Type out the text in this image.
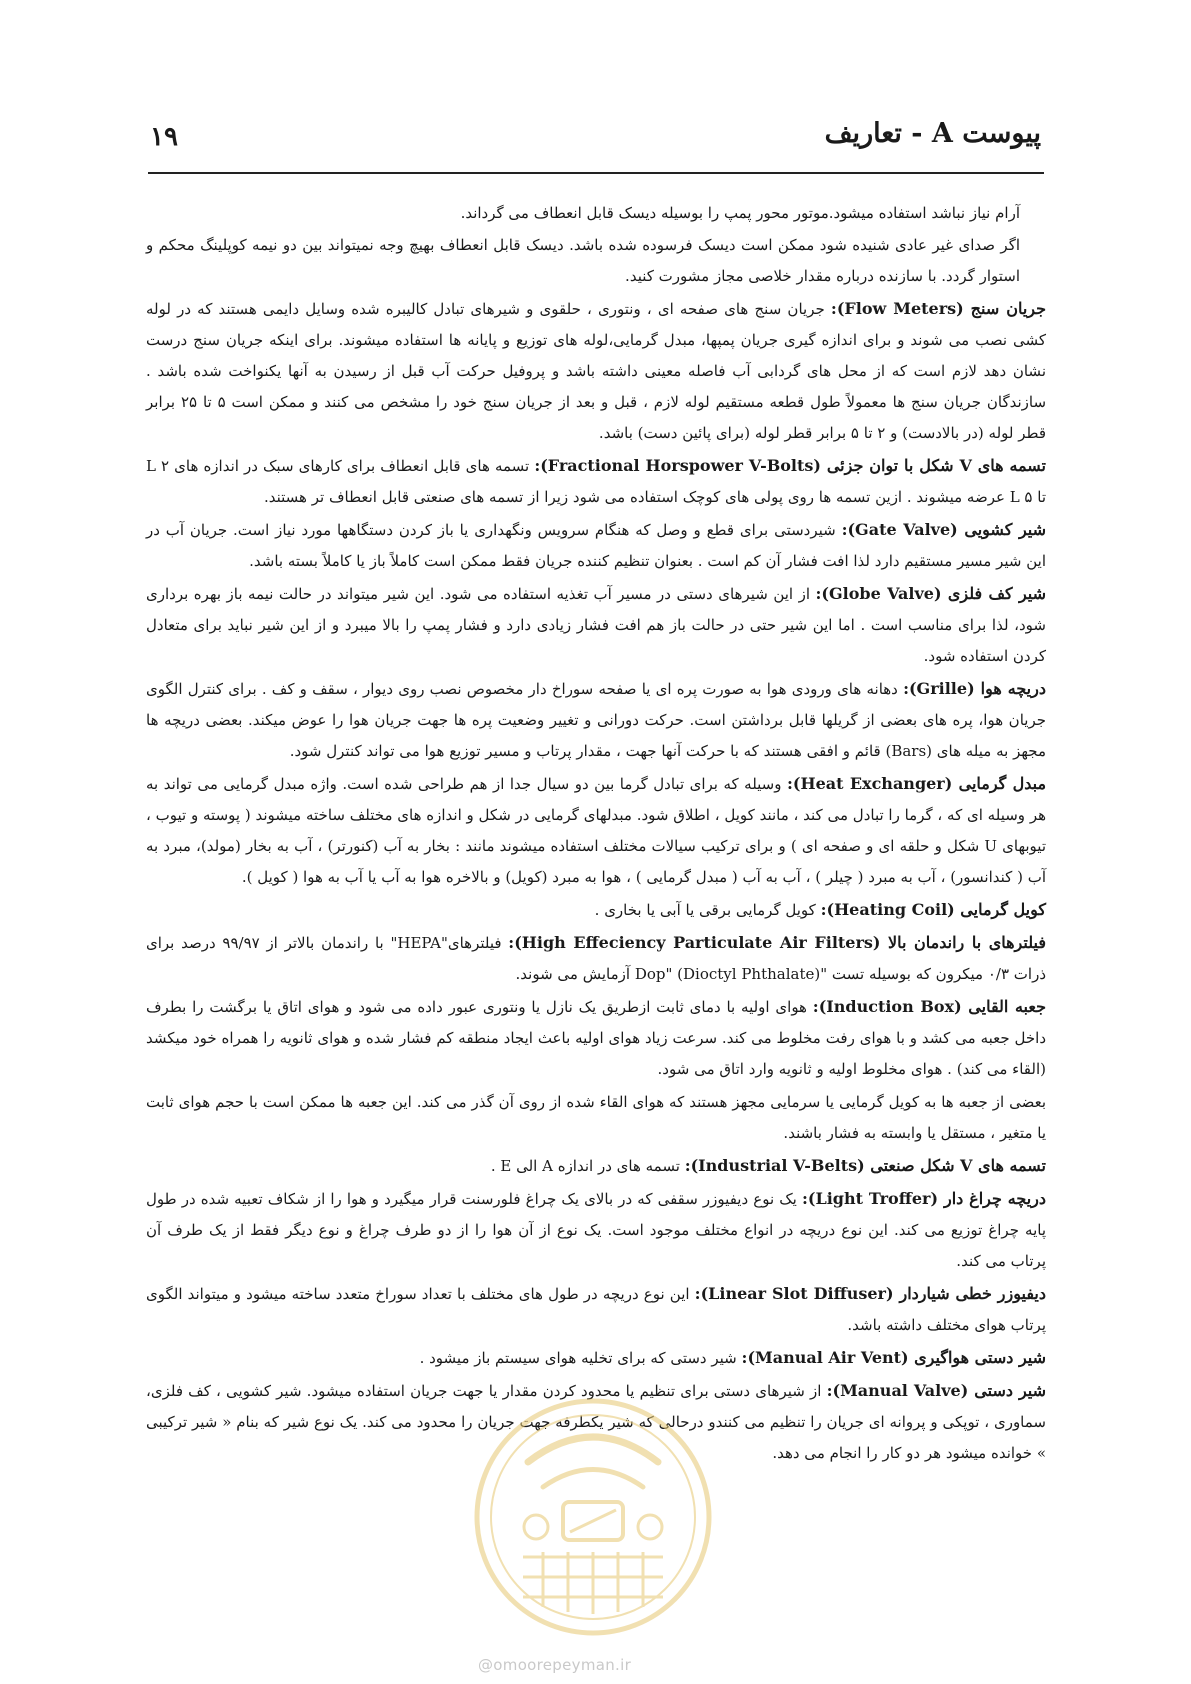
۱۹	پیوست A - تعاریف

آرام نیاز نباشد استفاده میشود.موتور محور پمپ را بوسیله دیسک قابل انعطاف می گرداند.

اگر صدای غیر عادی شنیده شود ممکن است دیسک فرسوده شده باشد. دیسک قابل انعطاف بهیچ وجه نمیتواند بین دو نیمه کوپلینگ محکم و استوار گردد. با سازنده درباره مقدار خلاصی مجاز مشورت کنید.

جریان سنج (Flow Meters): جریان سنج های صفحه ای ، ونتوری ، حلقوی و شیرهای تبادل کالیبره شده وسایل دایمی هستند که در لوله کشی نصب می شوند و برای اندازه گیری جریان پمپها، مبدل گرمایی،لوله های توزیع و پایانه ها استفاده میشوند. برای اینکه جریان سنج درست نشان دهد لازم است که از محل های گردابی آب فاصله معینی داشته باشد و پروفیل حرکت آب قبل از رسیدن به آنها یکنواخت شده باشد . سازندگان جریان سنج ها معمولاً طول قطعه مستقیم لوله لازم ، قبل و بعد از جریان سنج خود را مشخص می کنند و ممکن است ۵ تا ۲۵ برابر قطر لوله (در بالادست) و ۲ تا ۵ برابر قطر لوله (برای پائین دست) باشد.

تسمه های V شکل با توان جزئی (Fractional Horspower V-Bolts): تسمه های قابل انعطاف برای کارهای سبک در اندازه های L ۲ تا L ۵ عرضه میشوند . ازین تسمه ها روی پولی های کوچک استفاده می شود زیرا از تسمه های صنعتی قابل انعطاف تر هستند.

شیر کشویی (Gate Valve): شیردستی برای قطع و وصل که هنگام سرویس ونگهداری یا باز کردن دستگاهها مورد نیاز است. جریان آب در این شیر مسیر مستقیم دارد لذا افت فشار آن کم است . بعنوان تنظیم کننده جریان فقط ممکن است کاملاً باز یا کاملاً بسته باشد.

شیر کف فلزی (Globe Valve): از این شیرهای دستی در مسیر آب تغذیه استفاده می شود. این شیر میتواند در حالت نیمه باز بهره برداری شود، لذا برای مناسب است . اما این شیر حتی در حالت باز هم افت فشار زیادی دارد و فشار پمپ را بالا میبرد و از این شیر نباید برای متعادل کردن استفاده شود.

دریچه هوا (Grille): دهانه های ورودی هوا به صورت پره ای یا صفحه سوراخ دار مخصوص نصب روی دیوار ، سقف و کف . برای کنترل الگوی جریان هوا، پره های بعضی از گریلها قابل برداشتن است. حرکت دورانی و تغییر وضعیت پره ها جهت جریان هوا را عوض میکند. بعضی دریچه ها مجهز به میله های (Bars) قائم و افقی هستند که با حرکت آنها جهت ، مقدار پرتاب و مسیر توزیع هوا می تواند کنترل شود.

مبدل گرمایی (Heat Exchanger): وسیله که برای تبادل گرما بین دو سیال جدا از هم طراحی شده است. واژه مبدل گرمایی می تواند به هر وسیله ای که ، گرما را تبادل می کند ، مانند کویل ، اطلاق شود. مبدلهای گرمایی در شکل و اندازه های مختلف ساخته میشوند ( پوسته و تیوب ، تیوبهای U شکل و حلقه ای و صفحه ای ) و برای ترکیب سیالات مختلف استفاده میشوند مانند : بخار به آب (کنورتر) ، آب به بخار (مولد)، مبرد به آب ( کندانسور) ، آب به مبرد ( چیلر ) ، آب به آب ( مبدل گرمایی ) ، هوا به مبرد (کویل) و بالاخره هوا به آب یا آب به هوا ( کویل ).

کویل گرمایی (Heating Coil): کویل گرمایی برقی یا آبی یا بخاری .

فیلترهای با راندمان بالا (High Effeciency Particulate Air Filters): فیلترهای"HEPA" با راندمان بالاتر از ۹۹/۹۷ درصد برای ذرات ۰/۳ میکرون که بوسیله تست "Dop" (Dioctyl Phthalate) آزمایش می شوند.

جعبه القایی (Induction Box): هوای اولیه با دمای ثابت ازطریق یک نازل یا ونتوری عبور داده می شود و هوای اتاق یا برگشت را بطرف داخل جعبه می کشد و با هوای رفت مخلوط می کند. سرعت زیاد هوای اولیه باعث ایجاد منطقه کم فشار شده و هوای ثانویه را همراه خود میکشد (القاء می کند) . هوای مخلوط اولیه و ثانویه وارد اتاق می شود.

بعضی از جعبه ها به کویل گرمایی یا سرمایی مجهز هستند که هوای القاء شده از روی آن گذر می کند. این جعبه ها ممکن است با حجم هوای ثابت یا متغیر ، مستقل یا وابسته به فشار باشند.

تسمه های V شکل صنعتی (Industrial V-Belts): تسمه های در اندازه A الی E .

دریچه چراغ دار (Light Troffer): یک نوع دیفیوزر سقفی که در بالای یک چراغ فلورسنت قرار میگیرد و هوا را از شکاف تعبیه شده در طول پایه چراغ توزیع می کند. این نوع دریچه در انواع مختلف موجود است. یک نوع از آن هوا را از دو طرف چراغ و نوع دیگر فقط از یک طرف آن پرتاب می کند.

دیفیوزر خطی شیاردار (Linear Slot Diffuser): این نوع دریچه در طول های مختلف با تعداد سوراخ متعدد ساخته میشود و میتواند الگوی پرتاب هوای مختلف داشته باشد.

شیر دستی هواگیری (Manual Air Vent): شیر دستی که برای تخلیه هوای سیستم باز میشود .

شیر دستی (Manual Valve): از شیرهای دستی برای تنظیم یا محدود کردن مقدار یا جهت جریان استفاده میشود. شیر کشویی ، کف فلزی، سماوری ، توپکی و پروانه ای جریان را تنظیم می کنندو درحالی که شیر یکطرفه جهت جریان را محدود می کند. یک نوع شیر که بنام « شیر ترکیبی » خوانده میشود هر دو کار را انجام می دهد.

@omoorepeyman.ir
